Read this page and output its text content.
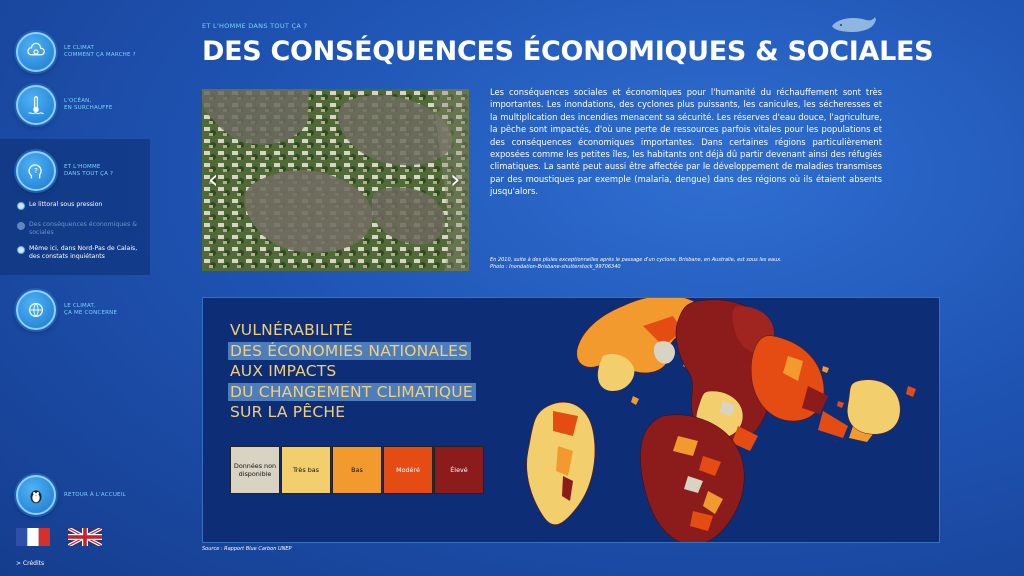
LE CLIMAT
COMMENT ÇA MARCHE ?
L'OCÉAN,
EN SURCHAUFFE
?	ET L'HOMME
DANS TOUT ÇA ?
Le littoral sous pression
Des conséquences économiques & sociales
Même ici, dans Nord-Pas de Calais, des constats inquiétants
LE CLIMAT,
ÇA ME CONCERNE
RETOUR À L'ACCUEIL
> Crédits
ET L'HOMME DANS TOUT ÇA ?
DES CONSÉQUENCES ÉCONOMIQUES & SOCIALES
‹	›
Les conséquences sociales et économiques pour l'humanité du réchauffement sont très importantes. Les inondations, des cyclones plus puissants, les canicules, les sécheresses et la multiplication des incendies menacent sa sécurité. Les réserves d'eau douce, l'agriculture, la pêche sont impactés, d'où une perte de ressources parfois vitales pour les populations et des conséquences économiques importantes. Dans certaines régions particulièrement exposées comme les petites îles, les habitants ont déjà dû partir devenant ainsi des réfugiés climatiques. La santé peut aussi être affectée par le développement de maladies transmises par des moustiques par exemple (malaria, dengue) dans des régions où ils étaient absents jusqu'alors.
En 2010, suite à des pluies exceptionnelles après le passage d'un cyclone, Brisbane, en Australie, est sous les eaux.
Photo : Inondation-Brisbane-shutterstock_99706340
VULNÉRABILITÉ
DES ÉCONOMIES NATIONALES
AUX IMPACTS
DU CHANGEMENT CLIMATIQUE
SUR LA PÊCHE
Données non disponible	Très bas	Bas	Modéré	Élevé
Source : Rapport Blue Carbon UNEP
